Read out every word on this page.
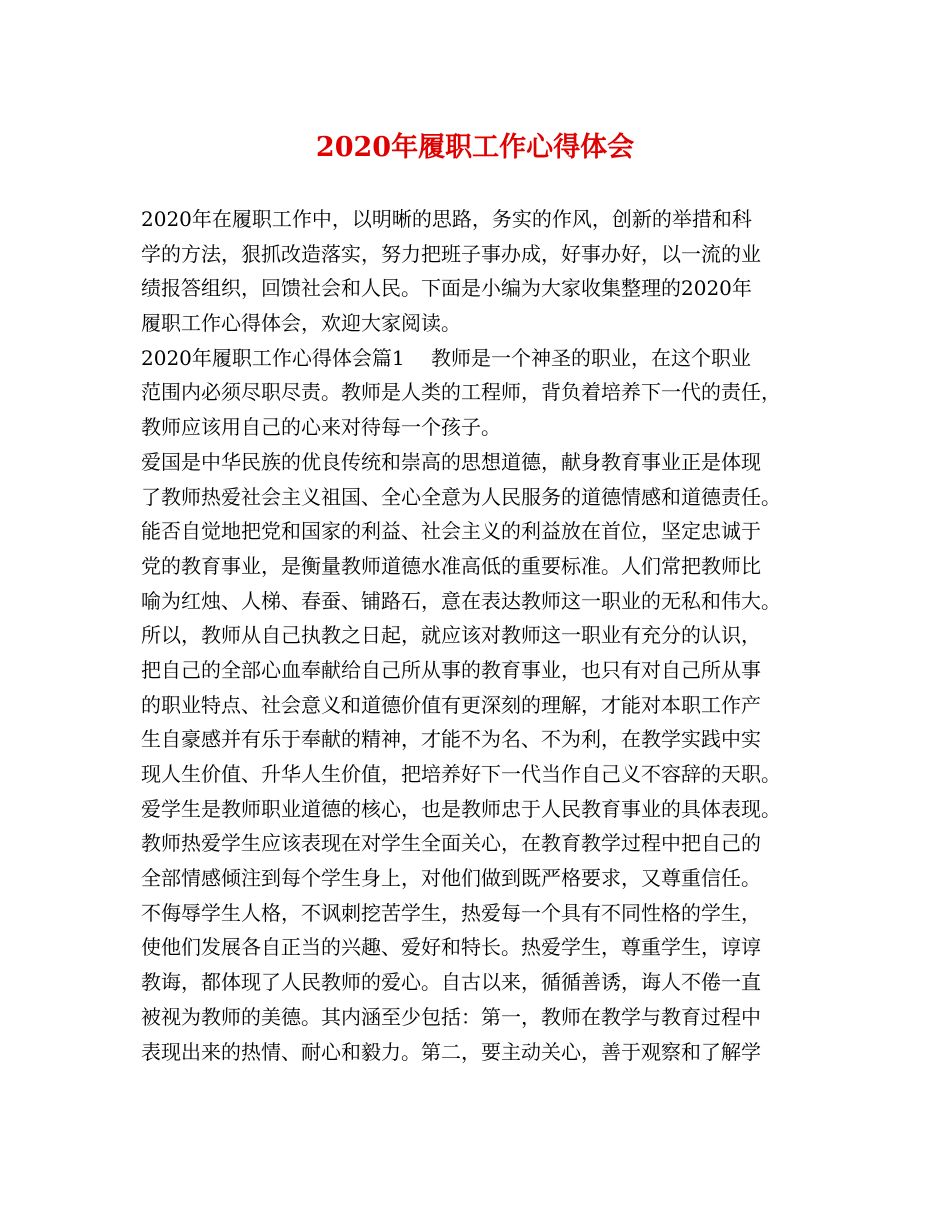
2020年履职工作心得体会
2020年在履职工作中，以明晰的思路，务实的作风，创新的举措和科
学的方法，狠抓改造落实，努力把班子事办成，好事办好，以一流的业
绩报答组织，回馈社会和人民。下面是小编为大家收集整理的2020年
履职工作心得体会，欢迎大家阅读。
2020年履职工作心得体会篇1　 教师是一个神圣的职业，在这个职业
范围内必须尽职尽责。教师是人类的工程师，背负着培养下一代的责任，
教师应该用自己的心来对待每一个孩子。
爱国是中华民族的优良传统和崇高的思想道德，献身教育事业正是体现
了教师热爱社会主义祖国、全心全意为人民服务的道德情感和道德责任。
能否自觉地把党和国家的利益、社会主义的利益放在首位，坚定忠诚于
党的教育事业，是衡量教师道德水准高低的重要标准。人们常把教师比
喻为红烛、人梯、春蚕、铺路石，意在表达教师这一职业的无私和伟大。
所以，教师从自己执教之日起，就应该对教师这一职业有充分的认识，
把自己的全部心血奉献给自己所从事的教育事业，也只有对自己所从事
的职业特点、社会意义和道德价值有更深刻的理解，才能对本职工作产
生自豪感并有乐于奉献的精神，才能不为名、不为利，在教学实践中实
现人生价值、升华人生价值，把培养好下一代当作自己义不容辞的天职。
爱学生是教师职业道德的核心，也是教师忠于人民教育事业的具体表现。
教师热爱学生应该表现在对学生全面关心，在教育教学过程中把自己的
全部情感倾注到每个学生身上，对他们做到既严格要求，又尊重信任。
不侮辱学生人格，不讽刺挖苦学生，热爱每一个具有不同性格的学生，
使他们发展各自正当的兴趣、爱好和特长。热爱学生，尊重学生，谆谆
教诲，都体现了人民教师的爱心。自古以来，循循善诱，诲人不倦一直
被视为教师的美德。其内涵至少包括：第一，教师在教学与教育过程中
表现出来的热情、耐心和毅力。第二，要主动关心，善于观察和了解学
